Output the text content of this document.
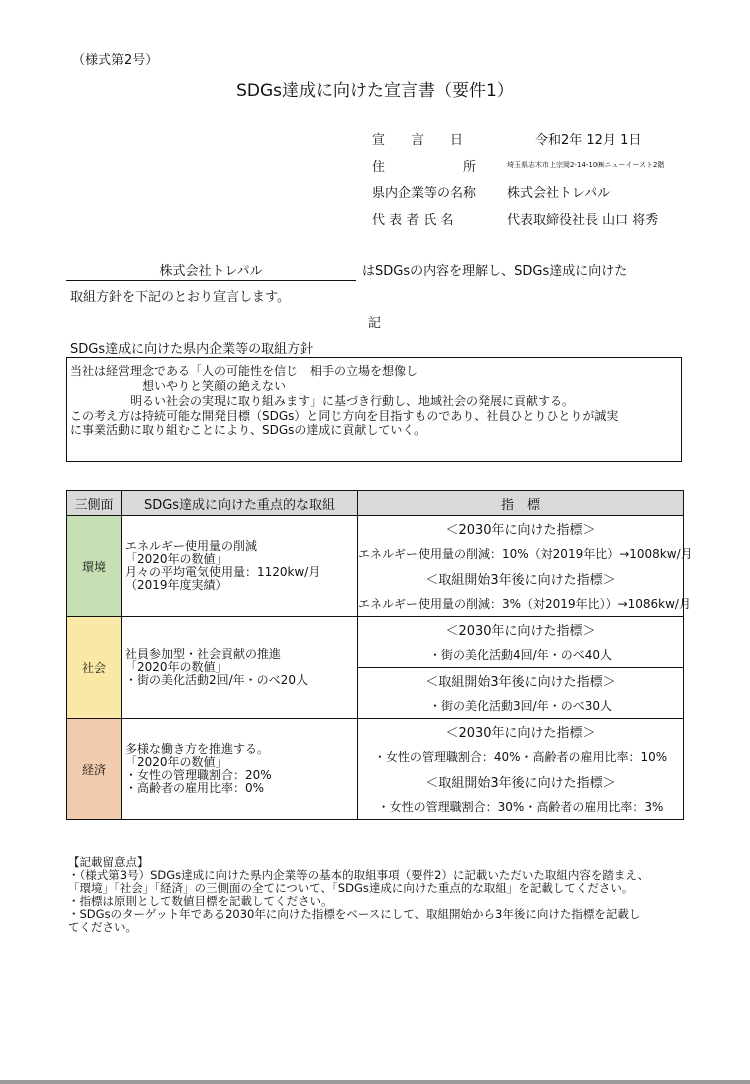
（様式第2号）
SDGs達成に向けた宣言書（要件1）
宣　　言　　日	令和2年 12月 1日
住　　　　　　所	埼玉県志木市上宗岡2-14-10㈱ニューイースト2階
県内企業等の名称 株式会社トレパル
代 表 者 氏 名	代表取締役社長 山口 将秀
株式会社トレパル	はSDGsの内容を理解し、SDGs達成に向けた
取組方針を下記のとおり宣言します。
記
SDGs達成に向けた県内企業等の取組方針
当社は経営理念である「人の可能性を信じ　相手の立場を想像し
　　　　　　想いやりと笑顔の絶えない
　　　　　明るい社会の実現に取り組みます」に基づき行動し、地域社会の発展に貢献する。
この考え方は持続可能な開発目標（SDGs）と同じ方向を目指すものであり、社員ひとりひとりが誠実
に事業活動に取り組むことにより、SDGsの達成に貢献していく。
三側面	SDGs達成に向けた重点的な取組	指　標
環境	エネルギー使用量の削減
「2020年の数値」
月々の平均電気使用量：1120kw/月
（2019年度実績）	＜2030年に向けた指標＞
		エネルギー使用量の削減：10%（対2019年比）→1008kw/月
		＜取組開始3年後に向けた指標＞
		エネルギー使用量の削減：3%（対2019年比））→1086kw/月
社会	社員参加型・社会貢献の推進
「2020年の数値」
・街の美化活動2回/年・のべ20人	＜2030年に向けた指標＞
		・街の美化活動4回/年・のべ40人
		＜取組開始3年後に向けた指標＞
		・街の美化活動3回/年・のべ30人
経済	多様な働き方を推進する。
「2020年の数値」
・女性の管理職割合：20%
・高齢者の雇用比率：0%	＜2030年に向けた指標＞
		・女性の管理職割合：40%・高齢者の雇用比率：10%
		＜取組開始3年後に向けた指標＞
		・女性の管理職割合：30%・高齢者の雇用比率：3%
【記載留意点】
・（様式第3号）SDGs達成に向けた県内企業等の基本的取組事項（要件2）に記載いただいた取組内容を踏まえ、
「環境」「社会」「経済」の三側面の全てについて、「SDGs達成に向けた重点的な取組」を記載してください。
・指標は原則として数値目標を記載してください。
・SDGsのターゲット年である2030年に向けた指標をベースにして、取組開始から3年後に向けた指標を記載し
てください。
